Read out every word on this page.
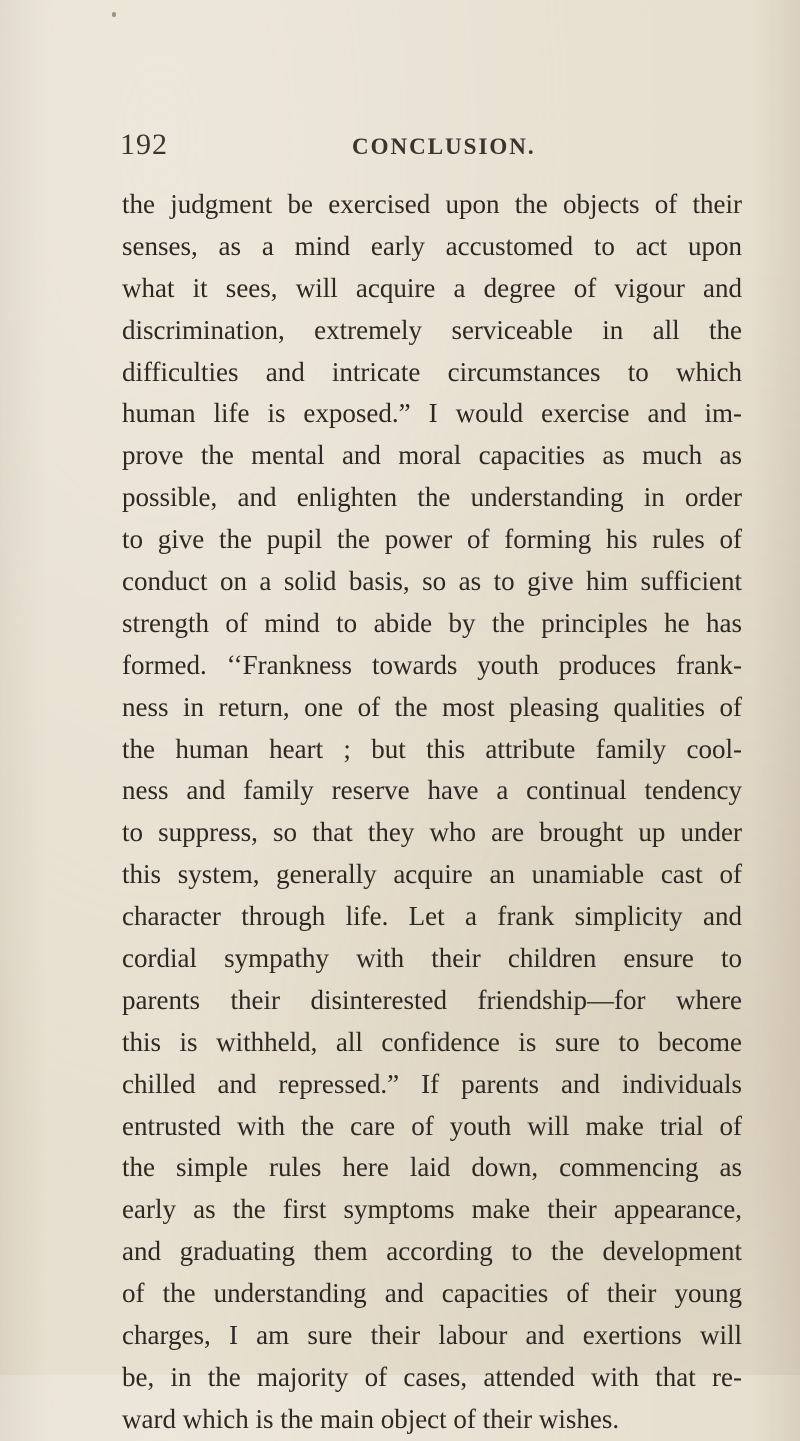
192	CONCLUSION.
the judgment be exercised upon the objects of their
senses, as a mind early accustomed to act upon
what it sees, will acquire a degree of vigour and
discrimination, extremely serviceable in all the
difficulties and intricate circumstances to which
human life is exposed.” I would exercise and im-
prove the mental and moral capacities as much as
possible, and enlighten the understanding in order
to give the pupil the power of forming his rules of
conduct on a solid basis, so as to give him sufficient
strength of mind to abide by the principles he has
formed. ‘‘Frankness towards youth produces frank-
ness in return, one of the most pleasing qualities of
the human heart ; but this attribute family cool-
ness and family reserve have a continual tendency
to suppress, so that they who are brought up under
this system, generally acquire an unamiable cast of
character through life. Let a frank simplicity and
cordial sympathy with their children ensure to
parents their disinterested friendship—for where
this is withheld, all confidence is sure to become
chilled and repressed.” If parents and individuals
entrusted with the care of youth will make trial of
the simple rules here laid down, commencing as
early as the first symptoms make their appearance,
and graduating them according to the development
of the understanding and capacities of their young
charges, I am sure their labour and exertions will
be, in the majority of cases, attended with that re-
ward which is the main object of their wishes.
